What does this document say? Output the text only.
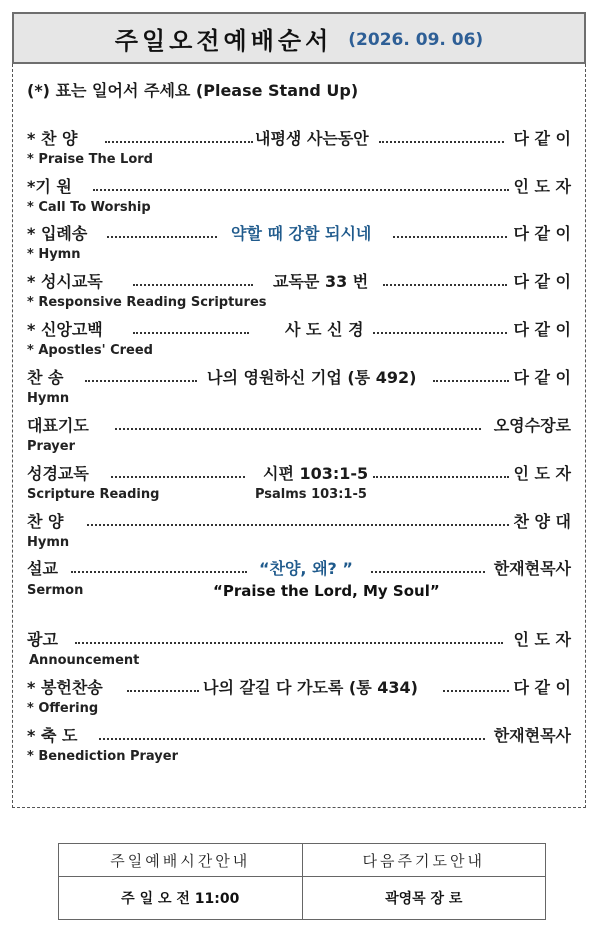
주일오전예배순서 (2026. 09. 06)
(*) 표는 일어서 주세요 (Please Stand Up)
* 찬 양	내평생 사는동안	다 같 이
* Praise The Lord
*기 원	인 도 자
* Call To Worship
* 입례송	약할 때 강함 되시네	다 같 이
* Hymn
* 성시교독	교독문 33 번	다 같 이
* Responsive Reading Scriptures
* 신앙고백	사 도 신 경	다 같 이
* Apostles' Creed
찬 송	나의 영원하신 기업 (통 492)	다 같 이
Hymn
대표기도	오영수장로
Prayer
성경교독	시편 103:1-5	인 도 자
Scripture Reading	Psalms 103:1-5
찬 양	찬 양 대
Hymn
설교	“찬양, 왜? ”	한재현목사
Sermon	“Praise the Lord, My Soul”
광고	인 도 자
Announcement
* 봉헌찬송	나의 갈길 다 가도록 (통 434)	다 같 이
* Offering
* 축 도	한재현목사
* Benediction Prayer
주일예배시간안내	다음주기도안내
주 일 오 전 11:00	곽영목 장 로
